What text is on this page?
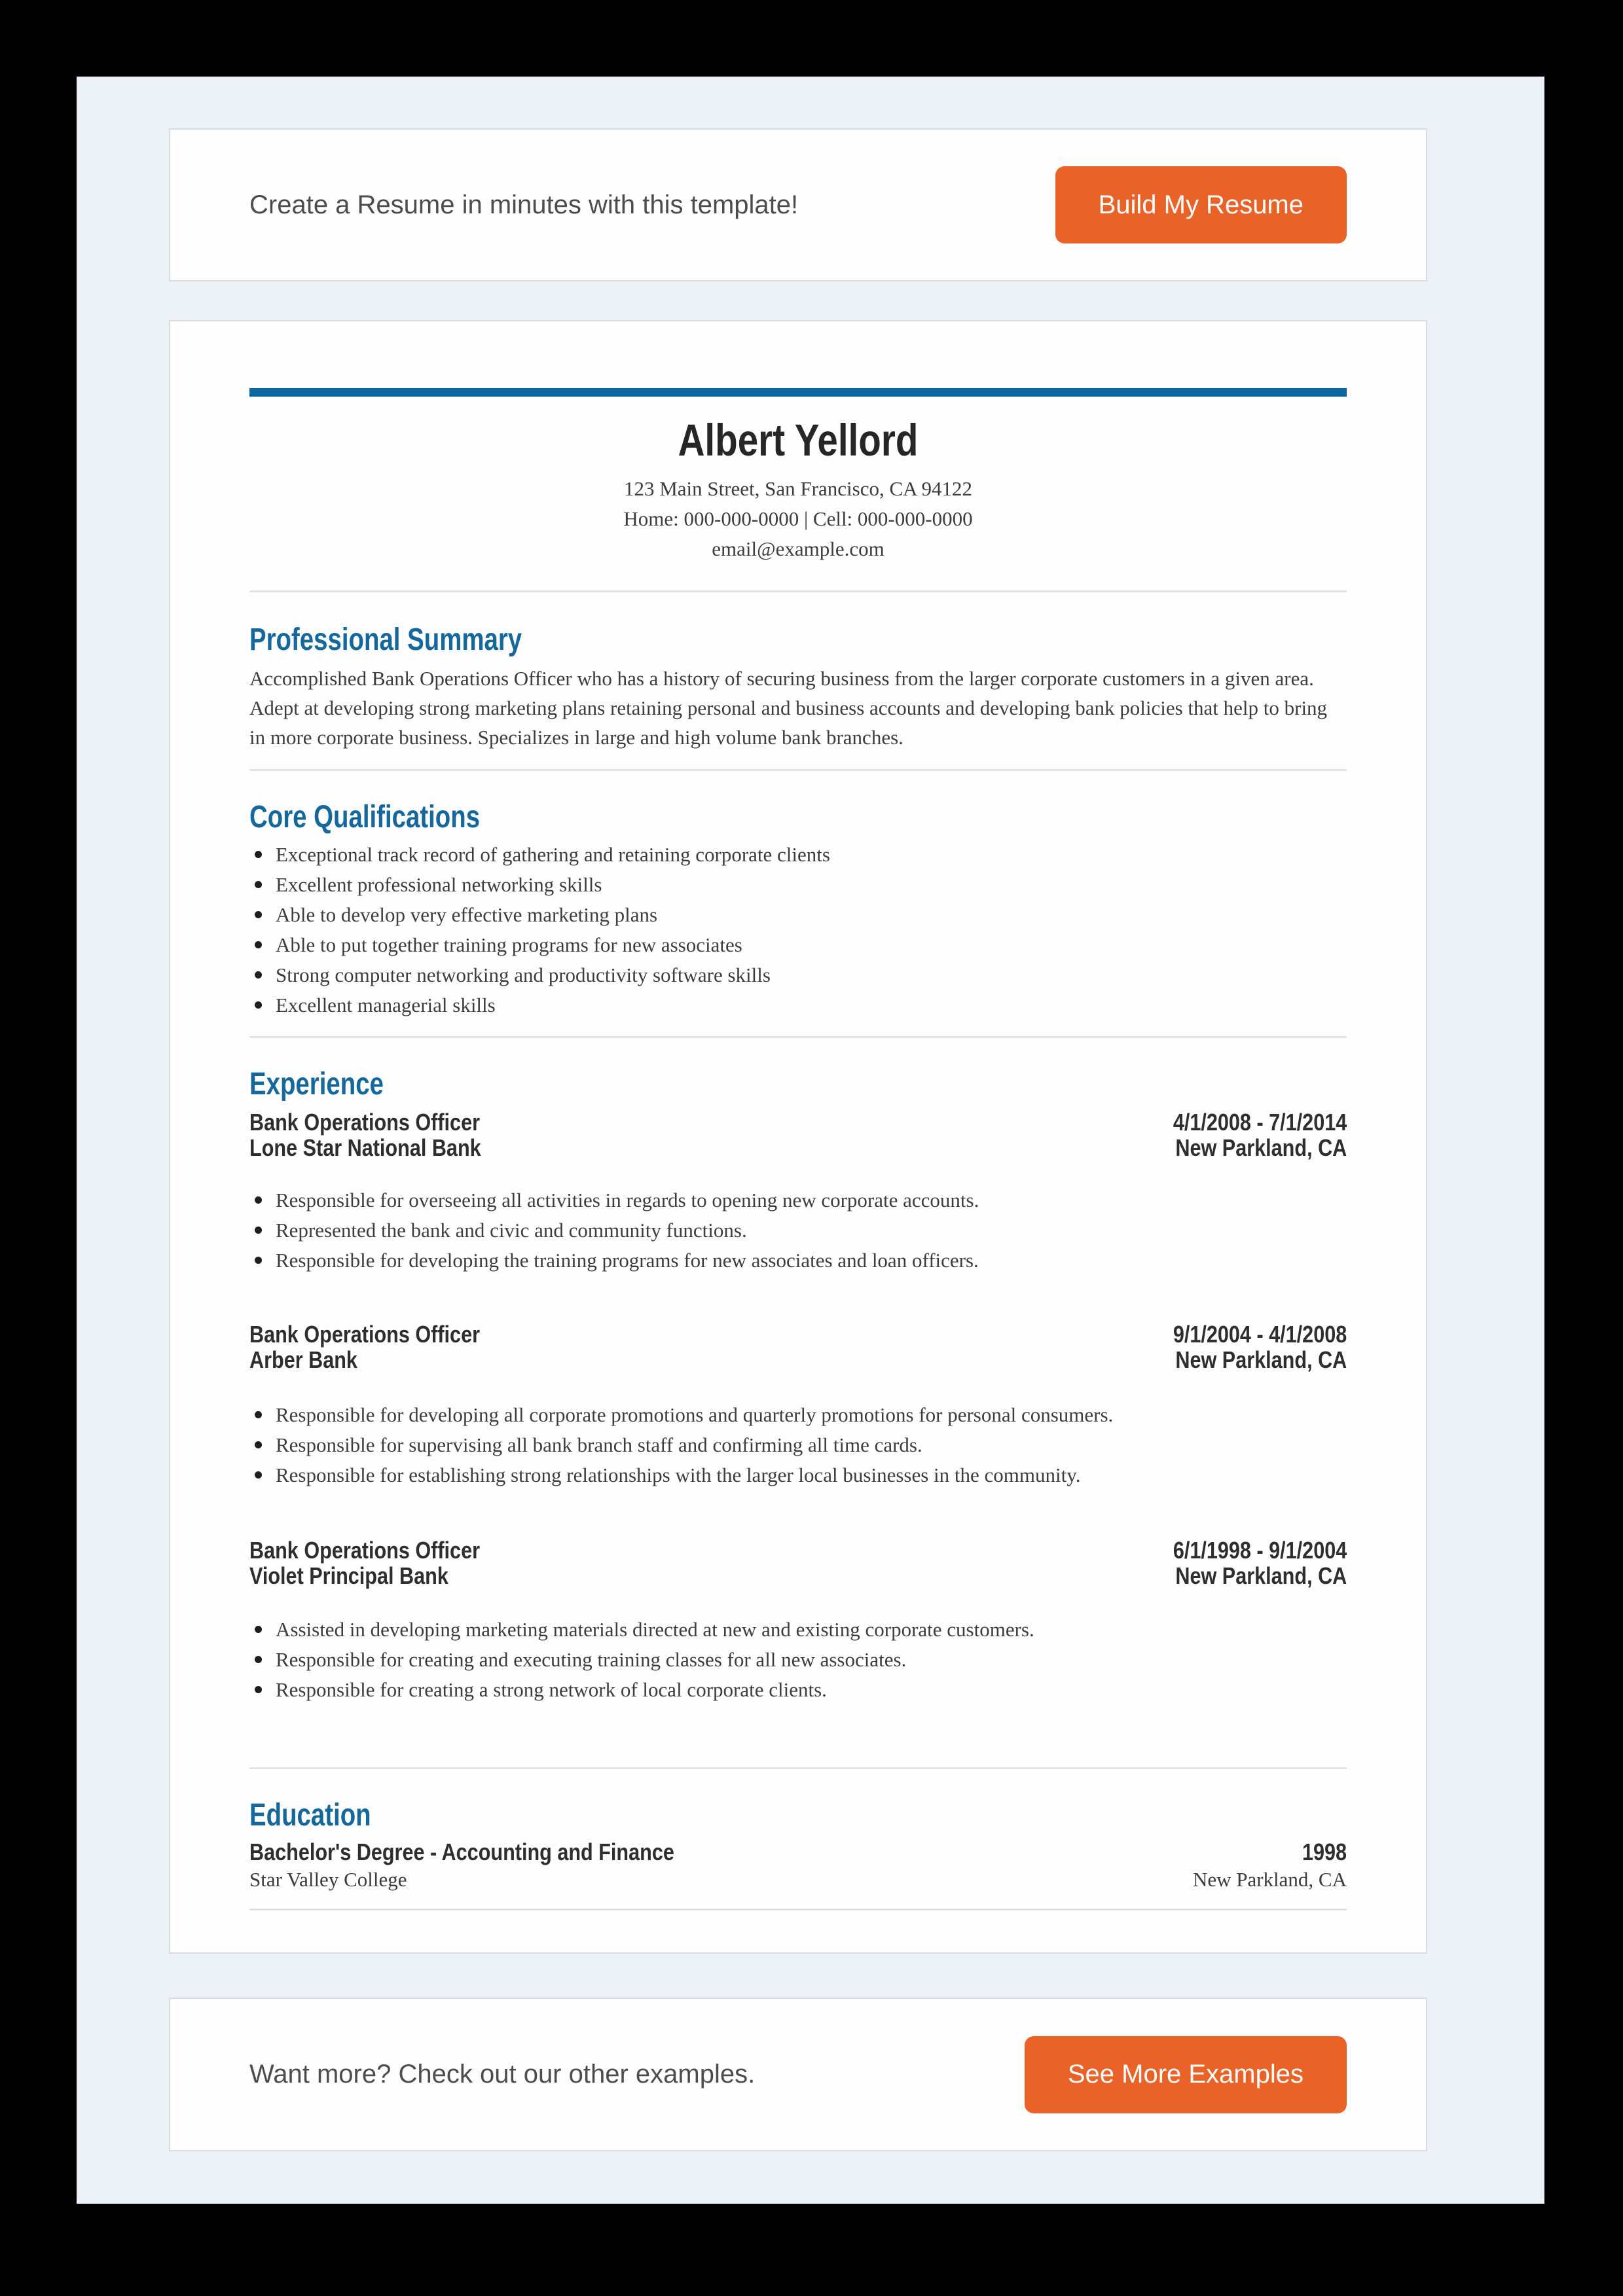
Create a Resume in minutes with this template!	Build My Resume
Albert Yellord
123 Main Street, San Francisco, CA 94122
Home: 000-000-0000 | Cell: 000-000-0000
email@example.com
Professional Summary

Accomplished Bank Operations Officer who has a history of securing business from the larger corporate customers in a given area. Adept at developing strong marketing plans retaining personal and business accounts and developing bank policies that help to bring in more corporate business. Specializes in large and high volume bank branches.

Core Qualifications
Exceptional track record of gathering and retaining corporate clients
Excellent professional networking skills
Able to develop very effective marketing plans
Able to put together training programs for new associates
Strong computer networking and productivity software skills
Excellent managerial skills
Experience
Bank Operations Officer
Lone Star National Bank
4/1/2008 - 7/1/2014
New Parkland, CA
Responsible for overseeing all activities in regards to opening new corporate accounts.
Represented the bank and civic and community functions.
Responsible for developing the training programs for new associates and loan officers.
Bank Operations Officer
Arber Bank
9/1/2004 - 4/1/2008
New Parkland, CA
Responsible for developing all corporate promotions and quarterly promotions for personal consumers.
Responsible for supervising all bank branch staff and confirming all time cards.
Responsible for establishing strong relationships with the larger local businesses in the community.
Bank Operations Officer
Violet Principal Bank
6/1/1998 - 9/1/2004
New Parkland, CA
Assisted in developing marketing materials directed at new and existing corporate customers.
Responsible for creating and executing training classes for all new associates.
Responsible for creating a strong network of local corporate clients.
Education
Bachelor's Degree - Accounting and Finance
Star Valley College
1998
New Parkland, CA
Want more? Check out our other examples.	See More Examples
